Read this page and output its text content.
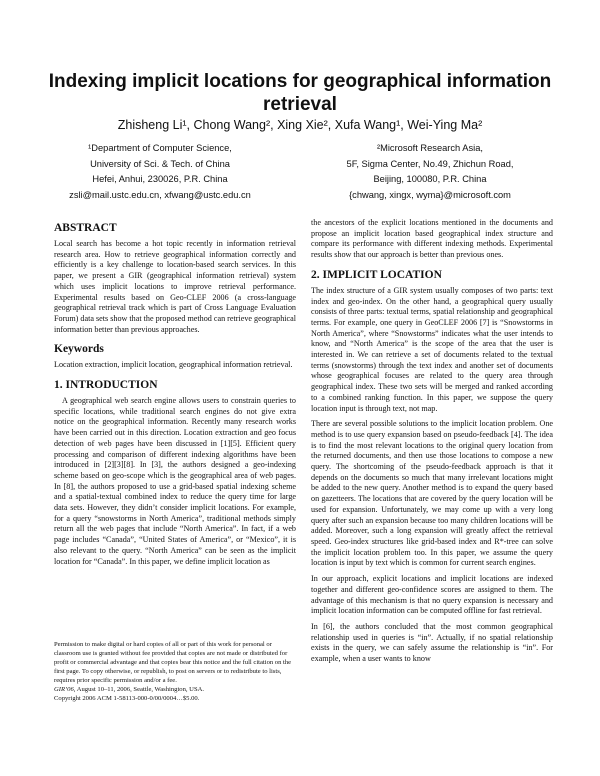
Indexing implicit locations for geographical information retrieval
Zhisheng Li¹, Chong Wang², Xing Xie², Xufa Wang¹, Wei-Ying Ma²
¹Department of Computer Science,
University of Sci. & Tech. of China
Hefei, Anhui, 230026, P.R. China
zsli@mail.ustc.edu.cn, xfwang@ustc.edu.cn
²Microsoft Research Asia,
5F, Sigma Center, No.49, Zhichun Road,
Beijing, 100080, P.R. China
{chwang, xingx, wyma}@microsoft.com
ABSTRACT

Local search has become a hot topic recently in information retrieval research area. How to retrieve geographical information correctly and efficiently is a key challenge to location-based search services. In this paper, we present a GIR (geographical information retrieval) system which uses implicit locations to improve retrieval performance. Experimental results based on Geo-CLEF 2006 (a cross-language geographical retrieval track which is part of Cross Language Evaluation Forum) data sets show that the proposed method can retrieve geographical information better than previous approaches.

Keywords

Location extraction, implicit location, geographical information retrieval.

1. INTRODUCTION

A geographical web search engine allows users to constrain queries to specific locations, while traditional search engines do not give extra notice on the geographical information. Recently many research works have been carried out in this direction. Location extraction and geo focus detection of web pages have been discussed in [1][5]. Efficient query processing and comparison of different indexing algorithms have been introduced in [2][3][8]. In [3], the authors designed a geo-indexing scheme based on geo-scope which is the geographical area of web pages. In [8], the authors proposed to use a grid-based spatial indexing scheme and a spatial-textual combined index to reduce the query time for large data sets. However, they didn’t consider implicit locations. For example, for a query “snowstorms in North America”, traditional methods simply return all the web pages that include “North America”. In fact, if a web page includes “Canada”, “United States of America”, or “Mexico”, it is also relevant to the query. “North America” can be seen as the implicit location for “Canada”. In this paper, we define implicit location as

Permission to make digital or hard copies of all or part of this work for personal or classroom use is granted without fee provided that copies are not made or distributed for profit or commercial advantage and that copies bear this notice and the full citation on the first page. To copy otherwise, or republish, to post on servers or to redistribute to lists, requires prior specific permission and/or a fee.

GIR’06, August 10–11, 2006, Seattle, Washington, USA.

Copyright 2006 ACM 1-58113-000-0/00/0004…$5.00.

the ancestors of the explicit locations mentioned in the documents and propose an implicit location based geographical index structure and compare its performance with different indexing methods. Experimental results show that our approach is better than previous ones.

2. IMPLICIT LOCATION

The index structure of a GIR system usually composes of two parts: text index and geo-index. On the other hand, a geographical query usually consists of three parts: textual terms, spatial relationship and geographical terms. For example, one query in GeoCLEF 2006 [7] is “Snowstorms in North America”, where “Snowstorms” indicates what the user intends to know, and “North America” is the scope of the area that the user is interested in. We can retrieve a set of documents related to the textual terms (snowstorms) through the text index and another set of documents whose geographical focuses are related to the query area through geographical index. These two sets will be merged and ranked according to a combined ranking function. In this paper, we suppose the query location input is through text, not map.

There are several possible solutions to the implicit location problem. One method is to use query expansion based on pseudo-feedback [4]. The idea is to find the most relevant locations to the original query location from the returned documents, and then use those locations to compose a new query. The shortcoming of the pseudo-feedback approach is that it depends on the documents so much that many irrelevant locations might be added to the new query. Another method is to expand the query based on gazetteers. The locations that are covered by the query location will be used for expansion. Unfortunately, we may come up with a very long query after such an expansion because too many children locations will be added. Moreover, such a long expansion will greatly affect the retrieval speed. Geo-index structures like grid-based index and R*-tree can solve the implicit location problem too. In this paper, we assume the query location is input by text which is common for current search engines.

In our approach, explicit locations and implicit locations are indexed together and different geo-confidence scores are assigned to them. The advantage of this mechanism is that no query expansion is necessary and implicit location information can be computed offline for fast retrieval.

In [6], the authors concluded that the most common geographical relationship used in queries is “in”. Actually, if no spatial relationship exists in the query, we can safely assume the relationship is “in”. For example, when a user wants to know
